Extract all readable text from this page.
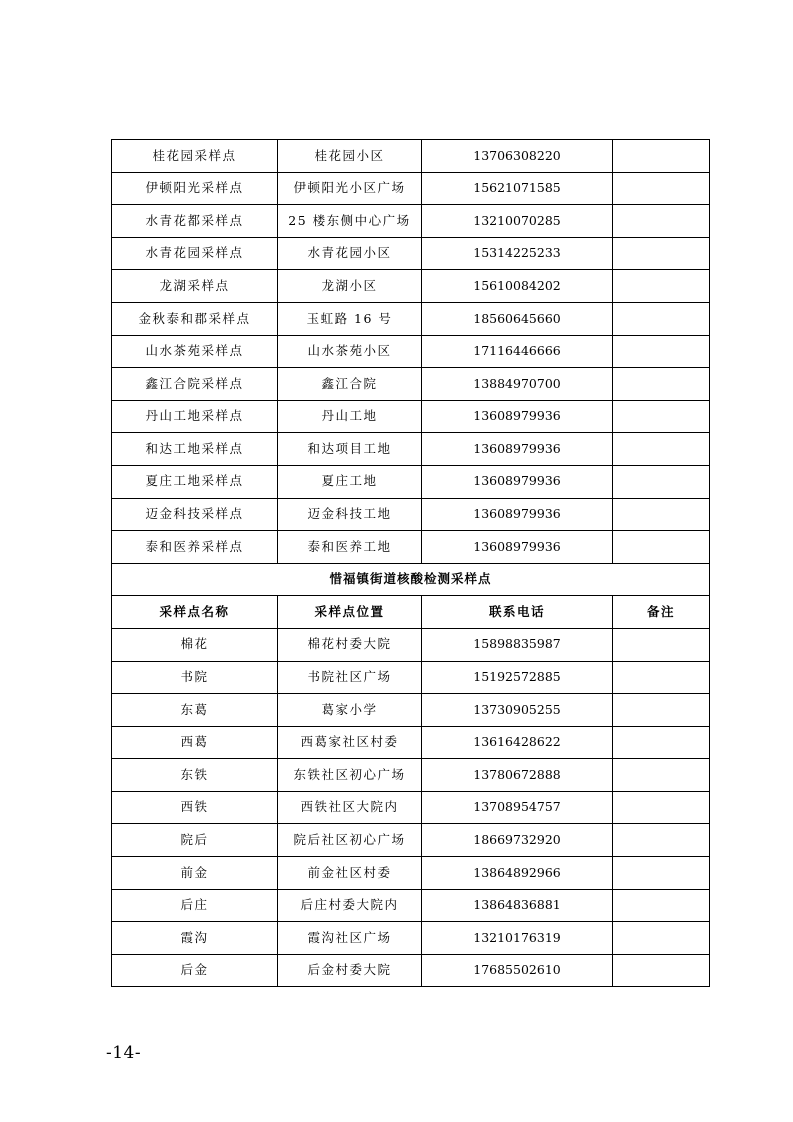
桂花园采样点	桂花园小区	13706308220	
伊顿阳光采样点	伊顿阳光小区广场	15621071585	
水青花都采样点	25 楼东侧中心广场	13210070285	
水青花园采样点	水青花园小区	15314225233	
龙湖采样点	龙湖小区	15610084202	
金秋泰和郡采样点	玉虹路 16 号	18560645660	
山水茶苑采样点	山水茶苑小区	17116446666	
鑫江合院采样点	鑫江合院	13884970700	
丹山工地采样点	丹山工地	13608979936	
和达工地采样点	和达项目工地	13608979936	
夏庄工地采样点	夏庄工地	13608979936	
迈金科技采样点	迈金科技工地	13608979936	
泰和医养采样点	泰和医养工地	13608979936	
惜福镇街道核酸检测采样点			
采样点名称	采样点位置	联系电话	备注
棉花	棉花村委大院	15898835987	
书院	书院社区广场	15192572885	
东葛	葛家小学	13730905255	
西葛	西葛家社区村委	13616428622	
东铁	东铁社区初心广场	13780672888	
西铁	西铁社区大院内	13708954757	
院后	院后社区初心广场	18669732920	
前金	前金社区村委	13864892966	
后庄	后庄村委大院内	13864836881	
霞沟	霞沟社区广场	13210176319	
后金	后金村委大院	17685502610	
-14-
